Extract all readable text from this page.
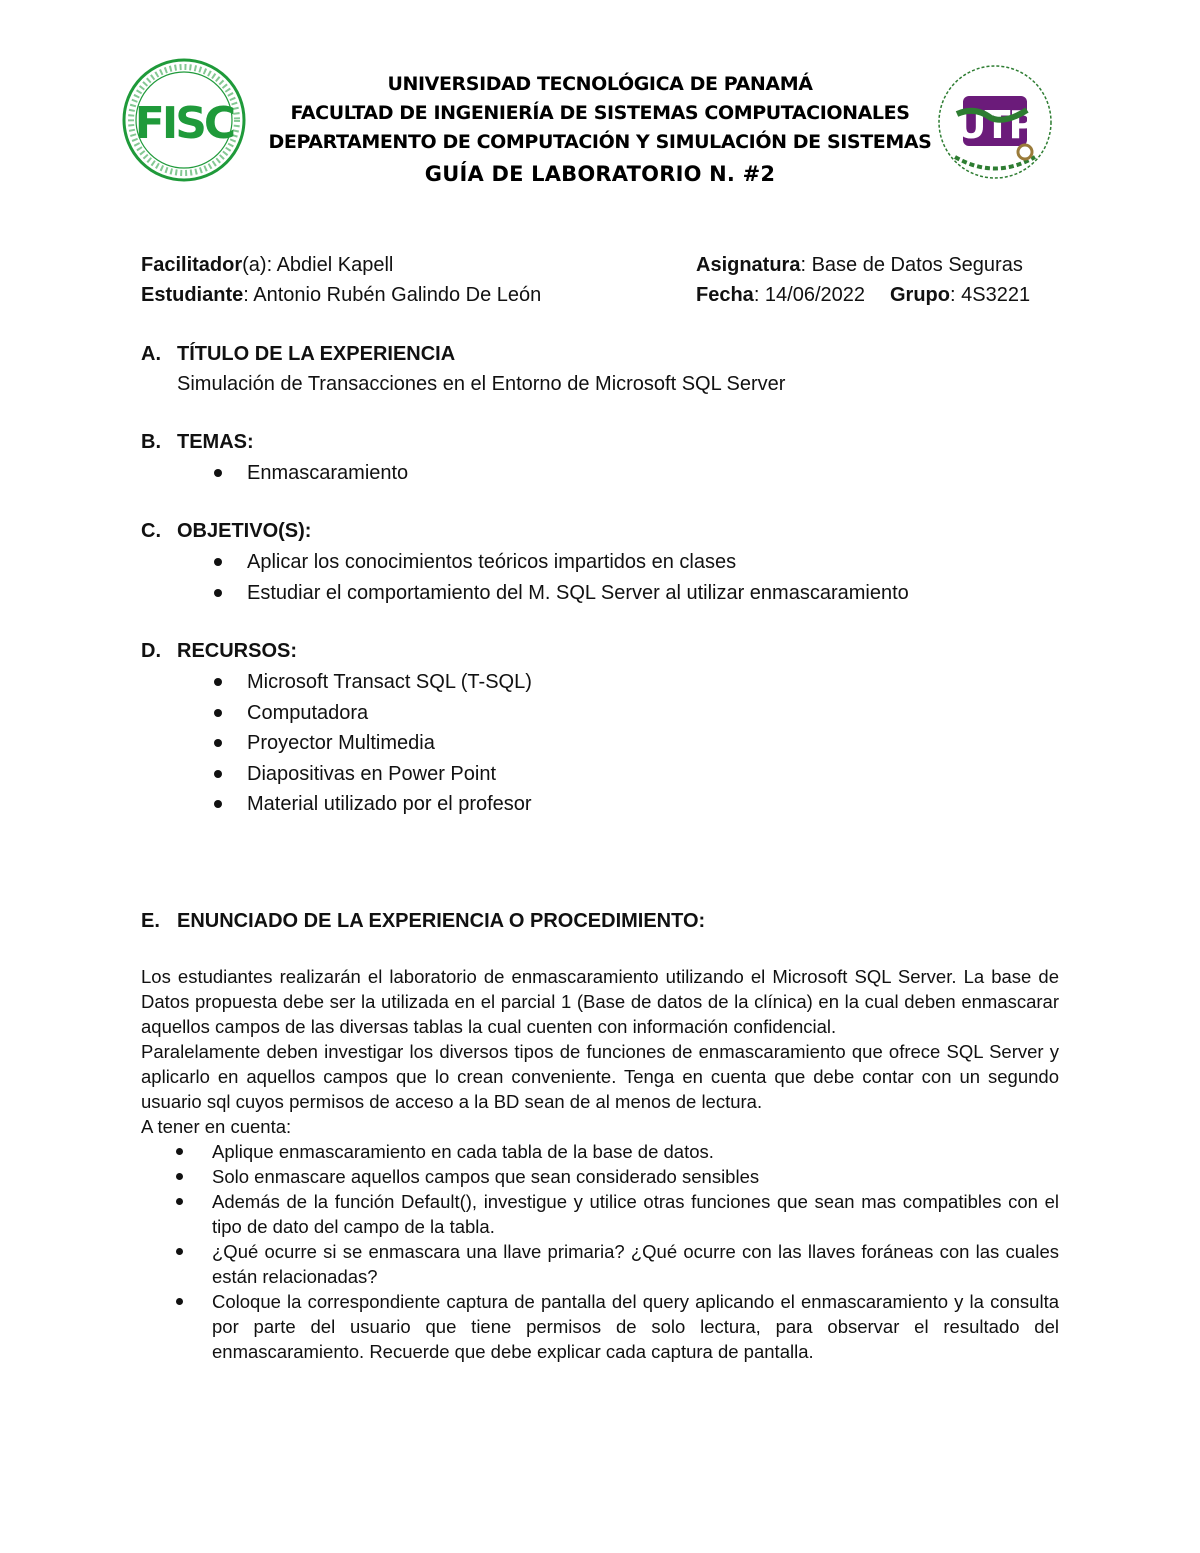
FISC
UNIVERSIDAD TECNOLÓGICA DE PANAMÁ
FACULTAD DE INGENIERÍA DE SISTEMAS COMPUTACIONALES
DEPARTAMENTO DE COMPUTACIÓN Y SIMULACIÓN DE SISTEMAS
GUÍA DE LABORATORIO N. #2
UTP
Facilitador(a): Abdiel Kapell
Estudiante: Antonio Rubén Galindo De León
Asignatura: Base de Datos Seguras
Fecha: 14/06/2022 Grupo: 4S3221
A. TÍTULO DE LA EXPERIENCIA
Simulación de Transacciones en el Entorno de Microsoft SQL Server
B. TEMAS:
Enmascaramiento
C. OBJETIVO(S):
Aplicar los conocimientos teóricos impartidos en clases
Estudiar el comportamiento del M. SQL Server al utilizar enmascaramiento
D. RECURSOS:
Microsoft Transact SQL (T-SQL)
Computadora
Proyector Multimedia
Diapositivas en Power Point
Material utilizado por el profesor
E. ENUNCIADO DE LA EXPERIENCIA O PROCEDIMIENTO:

Los estudiantes realizarán el laboratorio de enmascaramiento utilizando el Microsoft SQL Server. La base de Datos propuesta debe ser la utilizada en el parcial 1 (Base de datos de la clínica) en la cual deben enmascarar aquellos campos de las diversas tablas la cual cuenten con información confidencial.

Paralelamente deben investigar los diversos tipos de funciones de enmascaramiento que ofrece SQL Server y aplicarlo en aquellos campos que lo crean conveniente. Tenga en cuenta que debe contar con un segundo usuario sql cuyos permisos de acceso a la BD sean de al menos de lectura.

A tener en cuenta:

Aplique enmascaramiento en cada tabla de la base de datos.
Solo enmascare aquellos campos que sean considerado sensibles
Además de la función Default(), investigue y utilice otras funciones que sean mas compatibles con el tipo de dato del campo de la tabla.
¿Qué ocurre si se enmascara una llave primaria? ¿Qué ocurre con las llaves foráneas con las cuales están relacionadas?
Coloque la correspondiente captura de pantalla del query aplicando el enmascaramiento y la consulta por parte del usuario que tiene permisos de solo lectura, para observar el resultado del enmascaramiento. Recuerde que debe explicar cada captura de pantalla.
